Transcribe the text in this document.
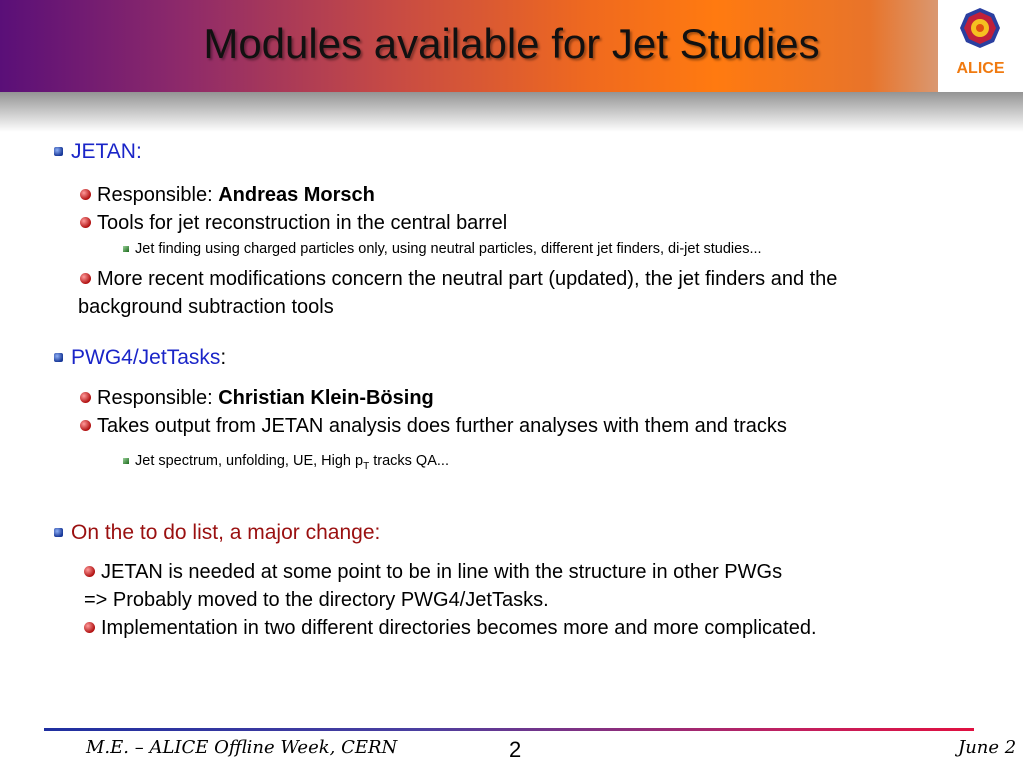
Modules available for Jet Studies
ALICE
JETAN:
Responsible: Andreas Morsch
Tools for jet reconstruction in the central barrel
Jet finding using charged particles only, using neutral particles, different jet finders, di-jet studies...
More recent modifications concern the neutral part (updated), the jet finders and the
background subtraction tools
PWG4/JetTasks:
Responsible: Christian Klein-Bösing
Takes output from JETAN analysis does further analyses with them and tracks
Jet spectrum, unfolding, UE, High $p_T$ tracks QA...
On the to do list, a major change:
JETAN is needed at some point to be in line with the structure in other PWGs
=> Probably moved to the directory PWG4/JetTasks.
Implementation in two different directories becomes more and more complicated.
M.E. – ALICE Offline Week, CERN	2	June 2
